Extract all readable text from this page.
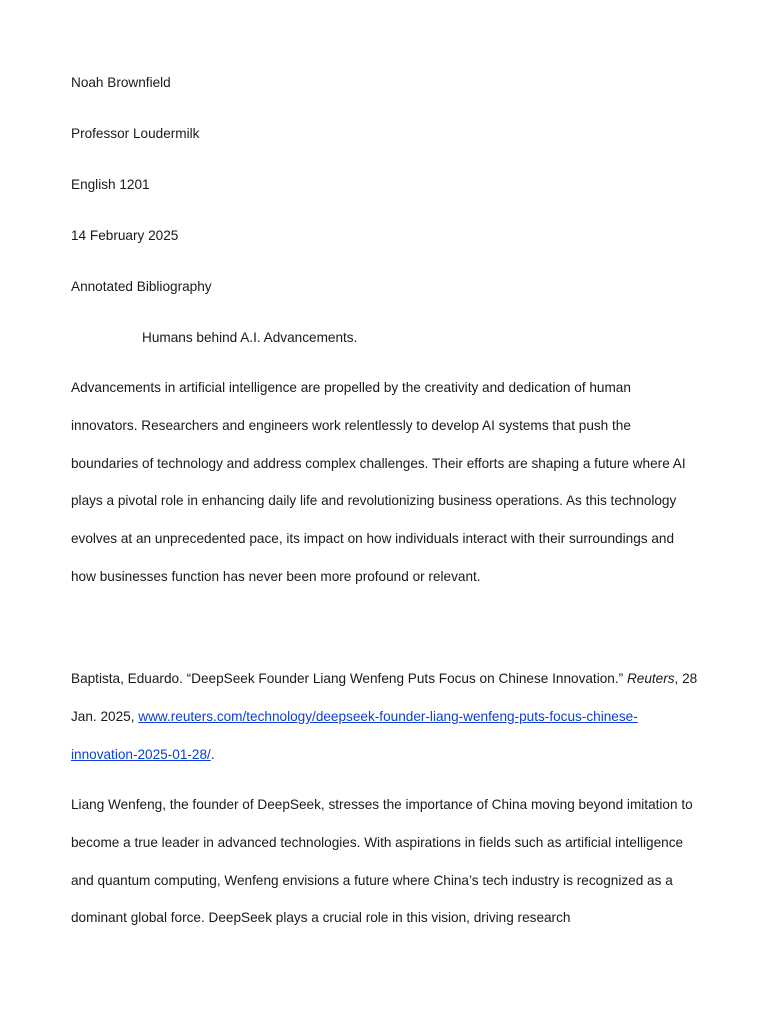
Noah Brownfield
Professor Loudermilk
English 1201
14 February 2025
Annotated Bibliography
Humans behind A.I. Advancements.
Advancements in artificial intelligence are propelled by the creativity and dedication of human innovators. Researchers and engineers work relentlessly to develop AI systems that push the boundaries of technology and address complex challenges. Their efforts are shaping a future where AI plays a pivotal role in enhancing daily life and revolutionizing business operations. As this technology evolves at an unprecedented pace, its impact on how individuals interact with their surroundings and how businesses function has never been more profound or relevant.
Baptista, Eduardo. “DeepSeek Founder Liang Wenfeng Puts Focus on Chinese Innovation.” Reuters, 28 Jan. 2025, www.reuters.com/technology/deepseek-founder-liang-wenfeng-puts-focus-chinese-innovation-2025-01-28/.
Liang Wenfeng, the founder of DeepSeek, stresses the importance of China moving beyond imitation to become a true leader in advanced technologies. With aspirations in fields such as artificial intelligence and quantum computing, Wenfeng envisions a future where China’s tech industry is recognized as a dominant global force. DeepSeek plays a crucial role in this vision, driving research
